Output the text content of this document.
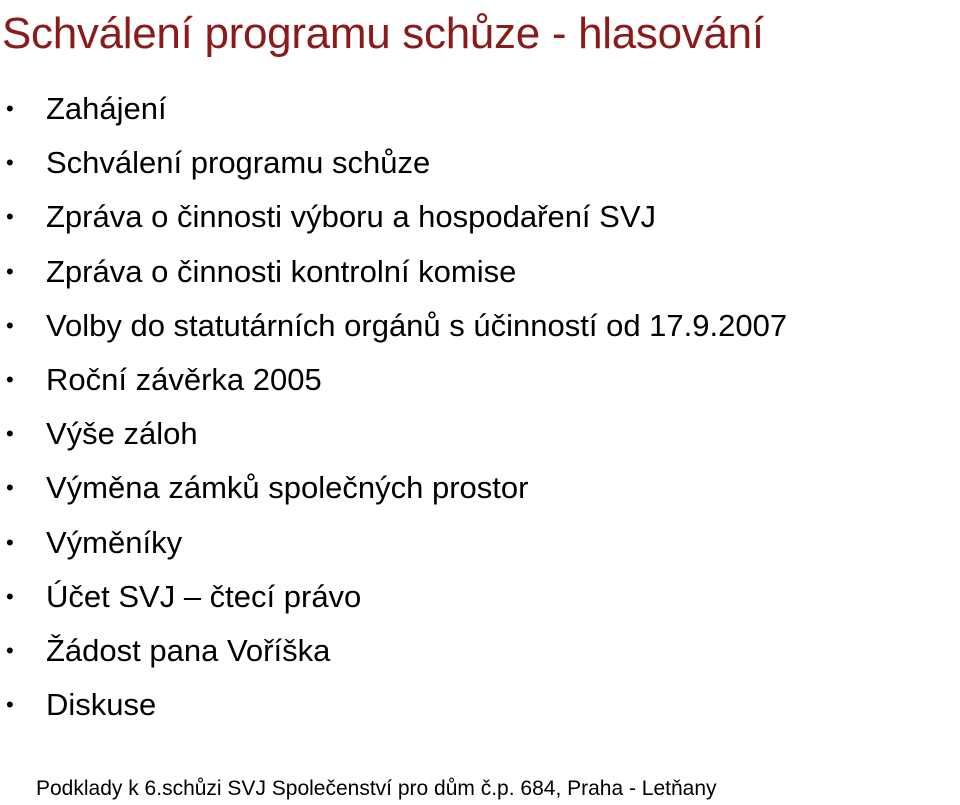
Schválení programu schůze - hlasování
• Zahájení
• Schválení programu schůze
• Zpráva o činnosti výboru a hospodaření SVJ
• Zpráva o činnosti kontrolní komise
• Volby do statutárních orgánů s účinností od 17.9.2007
• Roční závěrka 2005
• Výše záloh
• Výměna zámků společných prostor
• Výměníky
• Účet SVJ – čtecí právo
• Žádost pana Voříška
• Diskuse
Podklady k 6.schůzi SVJ Společenství pro dům č.p. 684, Praha - Letňany
